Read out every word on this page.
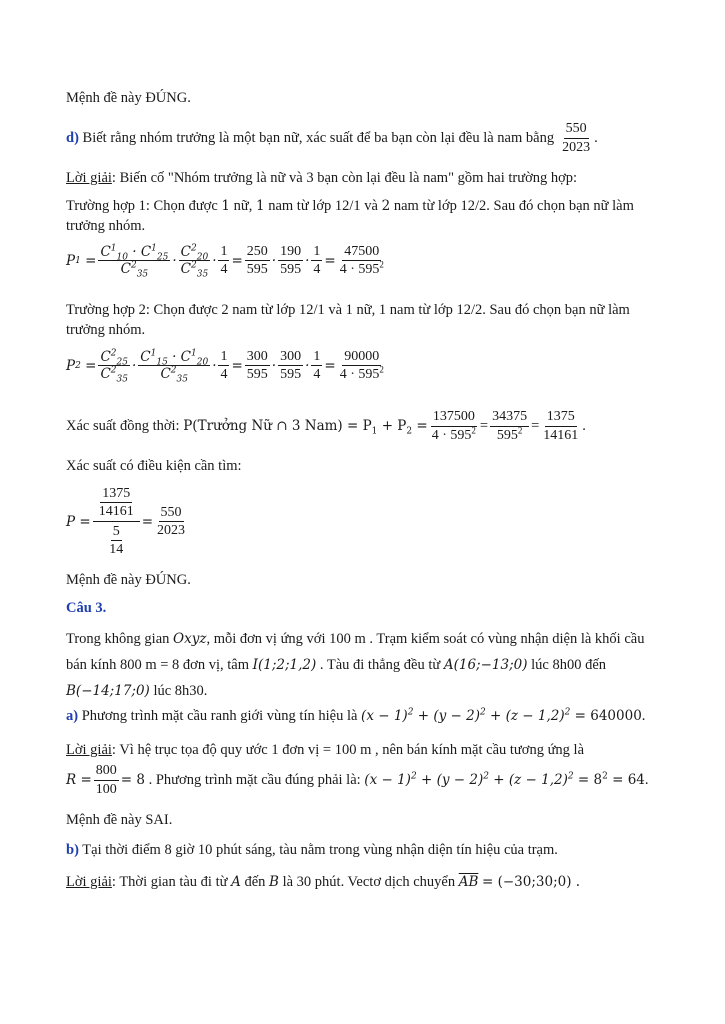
Mệnh đề này ĐÚNG.
d)
Biết rằng nhóm trưởng là một bạn nữ, xác suất để ba bạn còn lại đều là nam bằng $\frac{550}{2023}$ .
Lời giải: Biến cố "Nhóm trưởng là nữ và 3 bạn còn lại đều là nam" gồm hai trường hợp:
Trường hợp 1: Chọn được 1 nữ, 1 nam từ lớp 12/1 và 2 nam từ lớp 12/2. Sau đó chọn bạn nữ làm
trưởng nhóm.
P $1 = \frac{C^1_{10} \cdot C^1_{25}}{C^2_{35}} \cdot \frac{C^2_{20}}{C^2_{35}} \cdot \frac{1}{4} = \frac{250}{595} \cdot \frac{190}{595} \cdot \frac{1}{4} = \frac{47500}{4 \cdot 595^2}$
Trường hợp 2: Chọn được 2 nam từ lớp 12/1 và 1 nữ, 1 nam từ lớp 12/2. Sau đó chọn bạn nữ làm
trưởng nhóm.
P $2 = \frac{C^2_{25}}{C^2_{35}} \cdot \frac{C^1_{15} \cdot C^1_{20}}{C^2_{35}} \cdot \frac{1}{4} = \frac{300}{595} \cdot \frac{300}{595} \cdot \frac{1}{4} = \frac{90000}{4 \cdot 595^2}$
Xác suất đồng thời:
P(Trưởng Nữ ∩ 3 $Nam) = P_1 + P_2 = \frac{137500}{4 \cdot 595^2} = \frac{34375}{595^2} = \frac{1375}{14161}$ .
Xác suất có điều kiện cần tìm:
$P = \frac{\frac{1375}{14161}}{\frac{5}{14}} = \frac{550}{2023}$
Mệnh đề này ĐÚNG.
Câu 3.
Trong không gian Oxyz, mỗi đơn vị ứng với 100 m . Trạm kiểm soát có vùng nhận diện là khối cầu
bán kính 800 m = 8 đơn vị, tâm I(1;2;1,2) . Tàu đi thẳng đều từ A(16;−13;0) lúc 8h00 đến
B(−14;17;0) lúc 8h30.
a) Phương trình mặt cầu ranh giới vùng tín hiệu là $(x - 1)^2 + (y - 2)^2 + (z - 1,2)^2 = 640000$.
Lời giải: Vì hệ trục tọa độ quy ước 1 đơn vị = 100 m , nên bán kính mặt cầu tương ứng là
$R = \frac{800}{100} = 8$
. Phương trình mặt cầu đúng phải là:
$(x - 1)^2 + (y - 2)^2 + (z - 1,2)^2 = 8^2 = 64$ .
Mệnh đề này SAI.
b) Tại thời điểm 8 giờ 10 phút sáng, tàu nằm trong vùng nhận diện tín hiệu của trạm.
Lời giải: Thời gian tàu đi từ A đến B là 30 phút. Vectơ dịch chuyển $\overline{AB}$ = (−30;30;0) .
